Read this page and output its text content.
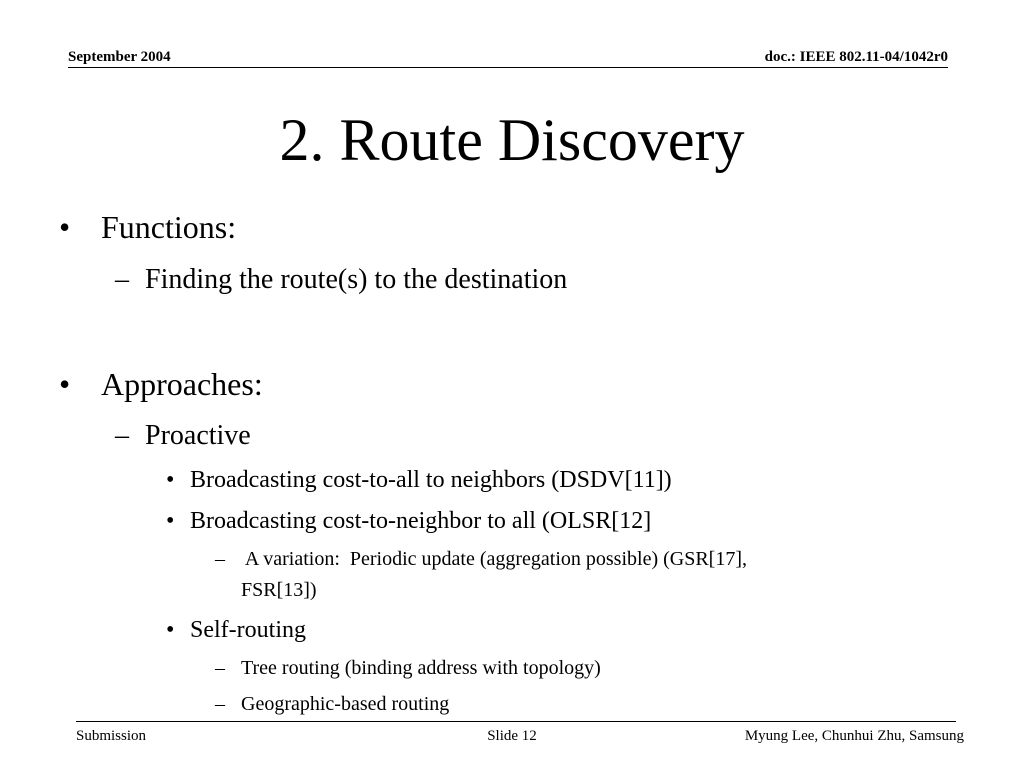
September 2004	doc.: IEEE 802.11-04/1042r0
2. Route Discovery
• Functions:
– Finding the route(s) to the destination
• Approaches:
– Proactive
• Broadcasting cost-to-all to neighbors (DSDV[11])
• Broadcasting cost-to-neighbor to all (OLSR[12]
– A variation:  Periodic update (aggregation possible) (GSR[17],
FSR[13])
• Self-routing
– Tree routing (binding address with topology)
– Geographic-based routing
Submission	Slide 12	Myung Lee, Chunhui Zhu, Samsung
